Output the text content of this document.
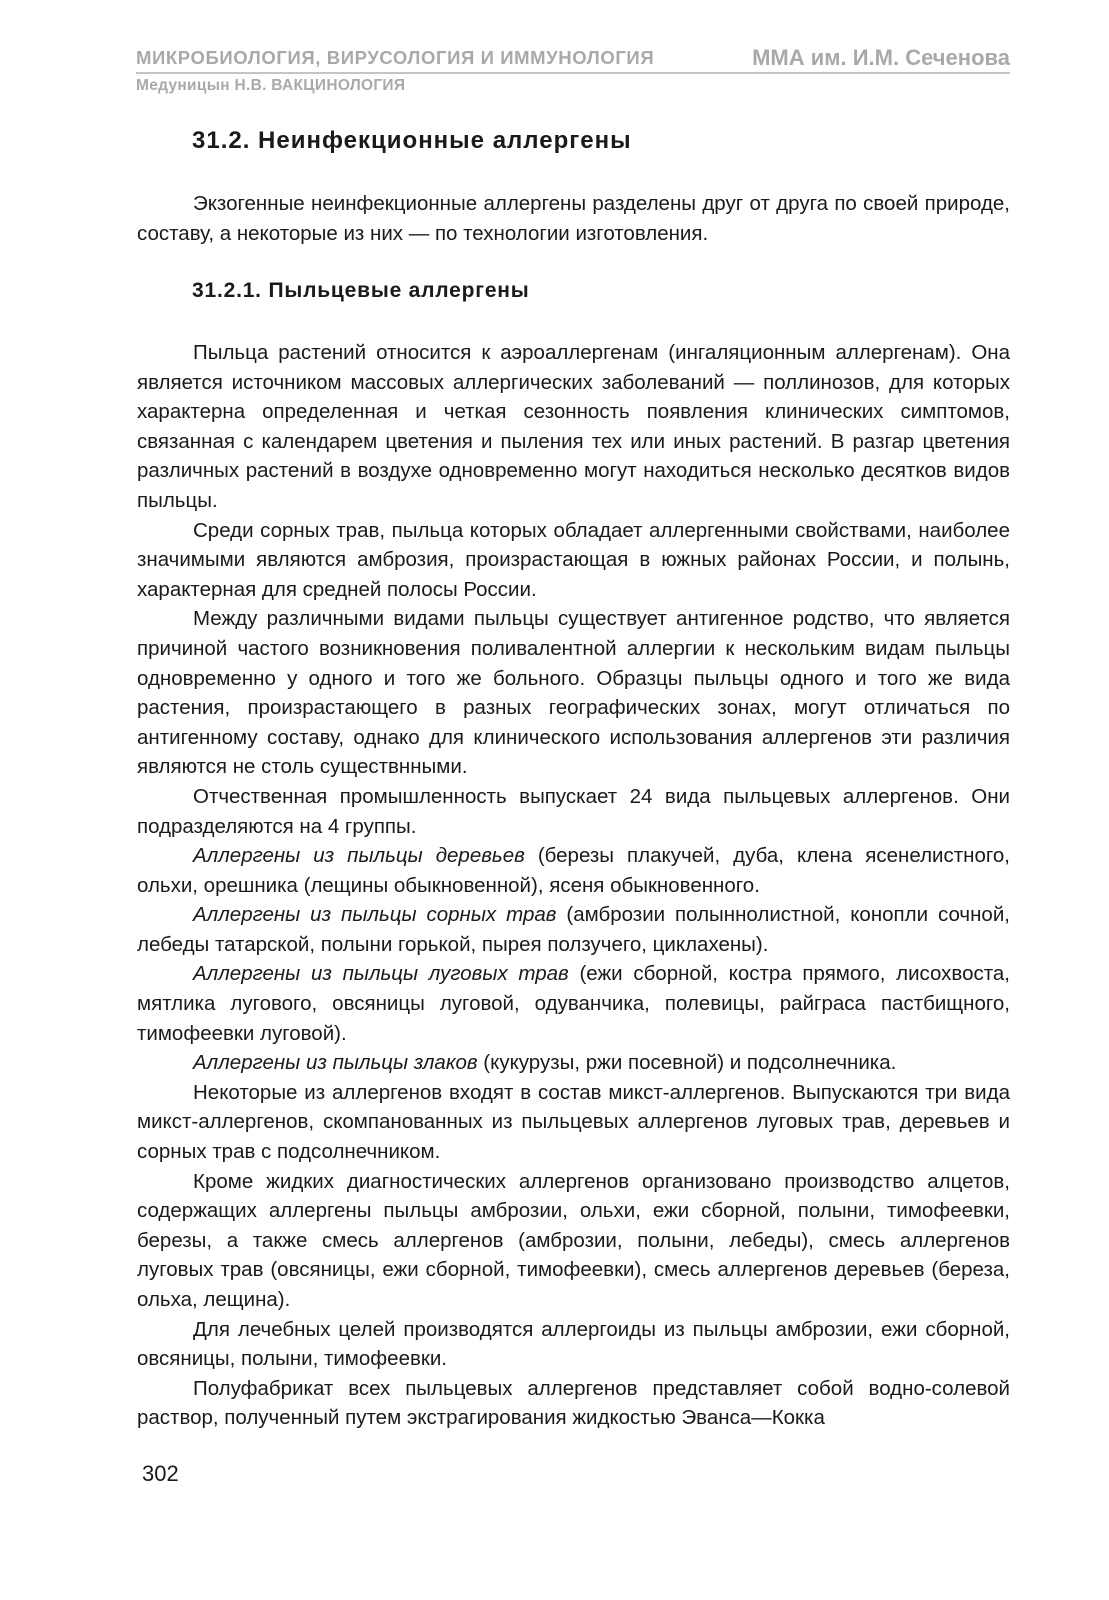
МИКРОБИОЛОГИЯ, ВИРУСОЛОГИЯ И ИММУНОЛОГИЯ	ММА им. И.М. Сеченова
Медуницын Н.В. ВАКЦИНОЛОГИЯ
31.2. Неинфекционные аллергены

Экзогенные неинфекционные аллергены разделены друг от друга по своей природе, составу, а некоторые из них — по технологии изготовления.

31.2.1. Пыльцевые аллергены

Пыльца растений относится к аэроаллергенам (ингаляционным аллергенам). Она является источником массовых аллергических заболеваний — поллинозов, для которых характерна определенная и четкая сезонность появления клинических симптомов, связанная с календарем цветения и пыления тех или иных растений. В разгар цветения различных растений в воздухе одновременно могут находиться несколько десятков видов пыльцы.

Среди сорных трав, пыльца которых обладает аллергенными свойствами, наиболее значимыми являются амброзия, произрастающая в южных районах России, и полынь, характерная для средней полосы России.

Между различными видами пыльцы существует антигенное родство, что является причиной частого возникновения поливалентной аллергии к нескольким видам пыльцы одновременно у одного и того же больного. Образцы пыльцы одного и того же вида растения, произрастающего в разных географических зонах, могут отличаться по антигенному составу, однако для клинического использования аллергенов эти различия являются не столь существнными.

Отчественная промышленность выпускает 24 вида пыльцевых аллергенов. Они подразделяются на 4 группы.

Аллергены из пыльцы деревьев (березы плакучей, дуба, клена ясенелистного, ольхи, орешника (лещины обыкновенной), ясеня обыкновенного.

Аллергены из пыльцы сорных трав (амброзии полыннолистной, конопли сочной, лебеды татарской, полыни горькой, пырея ползучего, циклахены).

Аллергены из пыльцы луговых трав (ежи сборной, костра прямого, лисохвоста, мятлика лугового, овсяницы луговой, одуванчика, полевицы, райграса пастбищного, тимофеевки луговой).

Аллергены из пыльцы злаков (кукурузы, ржи посевной) и подсолнечника.

Некоторые из аллергенов входят в состав микст-аллергенов. Выпускаются три вида микст-аллергенов, скомпанованных из пыльцевых аллергенов луговых трав, деревьев и сорных трав с подсолнечником.

Кроме жидких диагностических аллергенов организовано производство алцетов, содержащих аллергены пыльцы амброзии, ольхи, ежи сборной, полыни, тимофеевки, березы, а также смесь аллергенов (амброзии, полыни, лебеды), смесь аллергенов луговых трав (овсяницы, ежи сборной, тимофеевки), смесь аллергенов деревьев (береза, ольха, лещина).

Для лечебных целей производятся аллергоиды из пыльцы амброзии, ежи сборной, овсяницы, полыни, тимофеевки.

Полуфабрикат всех пыльцевых аллергенов представляет собой водно-солевой раствор, полученный путем экстрагирования жидкостью Эванса—Кокка

302
